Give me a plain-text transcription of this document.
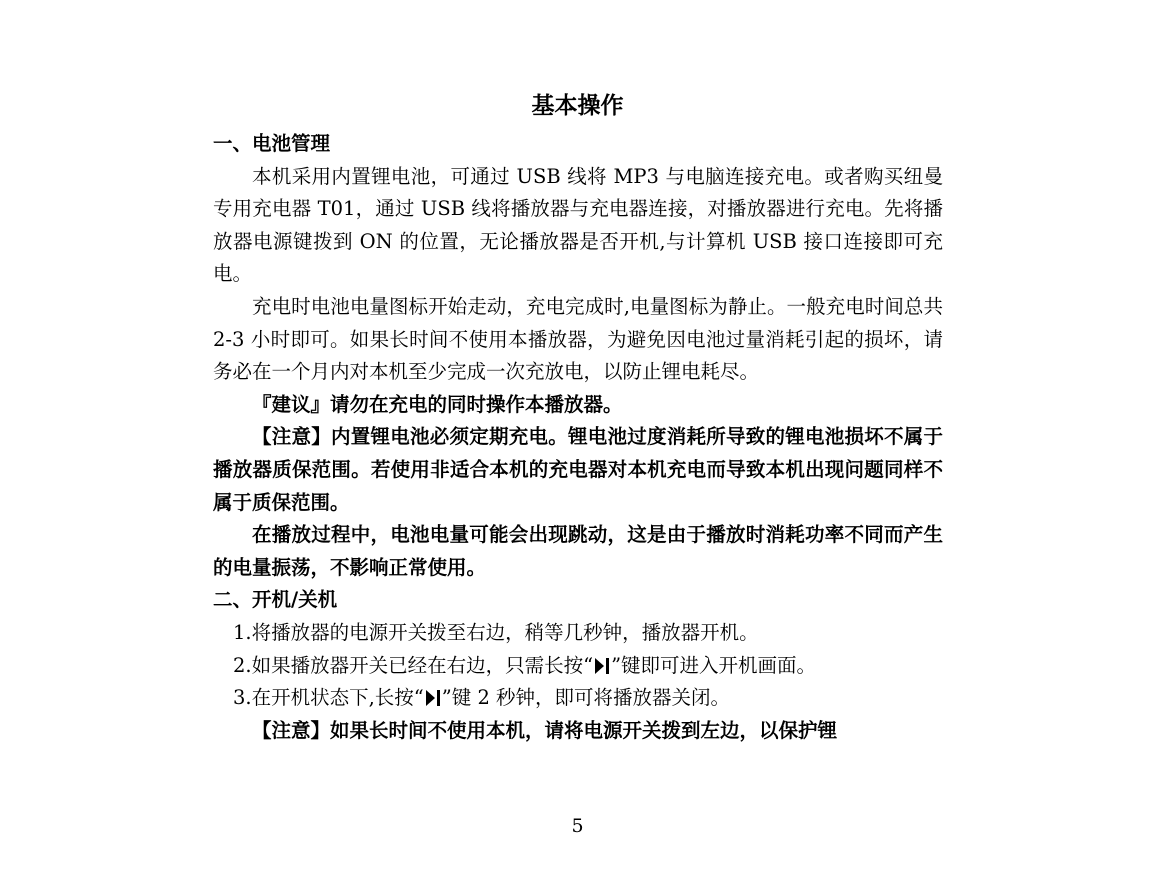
基本操作

一、电池管理

本机采用内置锂电池，可通过 USB 线将 MP3 与电脑连接充电。或者购买纽曼专用充电器 T01，通过 USB 线将播放器与充电器连接，对播放器进行充电。先将播放器电源键拨到 ON 的位置，无论播放器是否开机,与计算机 USB 接口连接即可充电。

充电时电池电量图标开始走动，充电完成时,电量图标为静止。一般充电时间总共 2-3 小时即可。如果长时间不使用本播放器，为避免因电池过量消耗引起的损坏，请务必在一个月内对本机至少完成一次充放电，以防止锂电耗尽。

『建议』请勿在充电的同时操作本播放器。

【注意】内置锂电池必须定期充电。锂电池过度消耗所导致的锂电池损坏不属于播放器质保范围。若使用非适合本机的充电器对本机充电而导致本机出现问题同样不属于质保范围。

在播放过程中，电池电量可能会出现跳动，这是由于播放时消耗功率不同而产生的电量振荡，不影响正常使用。

二、开机/关机

1.将播放器的电源开关拨至右边，稍等几秒钟，播放器开机。

2.如果播放器开关已经在右边，只需长按“ ”键即可进入开机画面。

3.在开机状态下,长按“ ”键 2 秒钟，即可将播放器关闭。

【注意】如果长时间不使用本机，请将电源开关拨到左边，以保护锂

5
